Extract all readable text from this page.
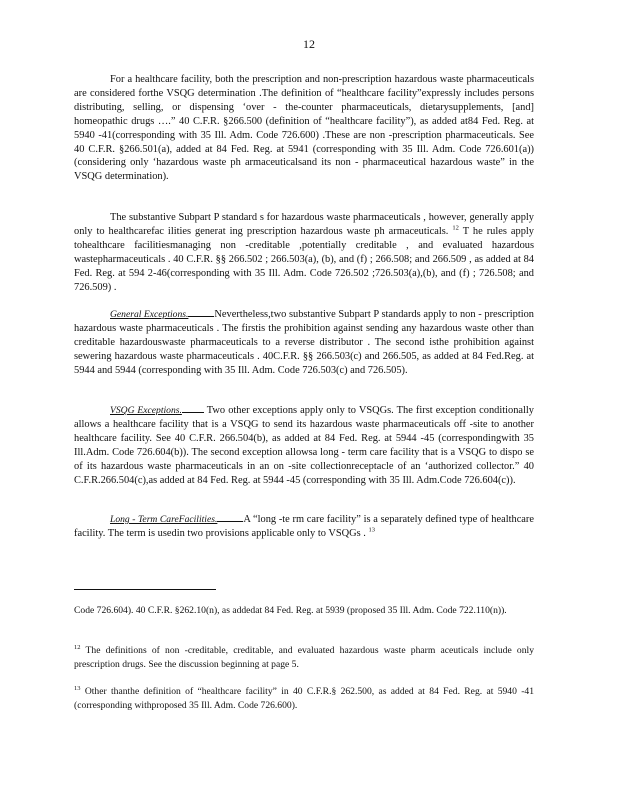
12

For a healthcare facility, both the prescription and non-prescription hazardous waste pharmaceuticals are considered forthe VSQG determination .The definition of “healthcare facility”expressly includes persons distributing, selling, or dispensing ‘over - the-counter pharmaceuticals, dietarysupplements, [and] homeopathic drugs ….” 40 C.F.R. §266.500 (definition of “healthcare facility”), as added at84 Fed. Reg. at 5940 -41(corresponding with 35 Ill. Adm. Code 726.600) .These are non -prescription pharmaceuticals. See 40 C.F.R. §266.501(a), added at 84 Fed. Reg. at 5941 (corresponding with 35 Ill. Adm. Code 726.601(a)) (considering only ‘hazardous waste ph armaceuticalsand its non - pharmaceutical hazardous waste” in the VSQG determination).

The substantive Subpart P standard s for hazardous waste pharmaceuticals , however, generally apply only to healthcarefac ilities generat ing prescription hazardous waste ph armaceuticals. $^{12}$ T he rules apply tohealthcare facilitiesmanaging non -creditable ,potentially creditable , and evaluated hazardous wastepharmaceuticals . 40 C.F.R. §§ 266.502 ; 266.503(a), (b), and (f) ; 266.508; and 266.509 , as added at 84 Fed. Reg. at 594 2-46(corresponding with 35 Ill. Adm. Code 726.502 ;726.503(a),(b), and (f) ; 726.508; and 726.509) .

General Exceptions.	Nevertheless,two substantive Subpart P standards apply to non - prescription hazardous waste pharmaceuticals . The firstis the prohibition against sending any hazardous waste other than creditable hazardouswaste pharmaceuticals to a reverse distributor . The second isthe prohibition against sewering hazardous waste pharmaceuticals . 40C.F.R. §§ 266.503(c) and 266.505, as added at 84 Fed.Reg. at 5944 and 5944 (corresponding with 35 Ill. Adm. Code 726.503(c) and 726.505).

VSQG Exceptions. Two other exceptions apply only to VSQGs. The first exception conditionally allows a healthcare facility that is a VSQG to send its hazardous waste pharmaceuticals off -site to another healthcare facility. See 40 C.F.R. 266.504(b), as added at 84 Fed. Reg. at 5944 -45 (correspondingwith 35 Ill.Adm. Code 726.604(b)). The second exception allowsa long - term care facility that is a VSQG to dispo se of its hazardous waste pharmaceuticals in an on -site collectionreceptacle of an ‘authorized collector.” 40 C.F.R.266.504(c),as added at 84 Fed. Reg. at 5944 -45 (corresponding with 35 Ill. Adm.Code 726.604(c)).

Long - Term CareFacilities.	A “long -te rm care facility” is a separately defined type of healthcare facility. The term is usedin two provisions applicable only to VSQGs . $^{13}$

Code 726.604). 40 C.F.R. §262.10(n), as addedat 84 Fed. Reg. at 5939 (proposed 35 Ill. Adm. Code 722.110(n)).

$^{12}$ The definitions of non -creditable, creditable, and evaluated hazardous waste pharm aceuticals include only prescription drugs. See the discussion beginning at page 5.

$^{13}$ Other thanthe definition of “healthcare facility” in 40 C.F.R.§ 262.500, as added at 84 Fed. Reg. at 5940 -41 (corresponding withproposed 35 Ill. Adm. Code 726.600).
